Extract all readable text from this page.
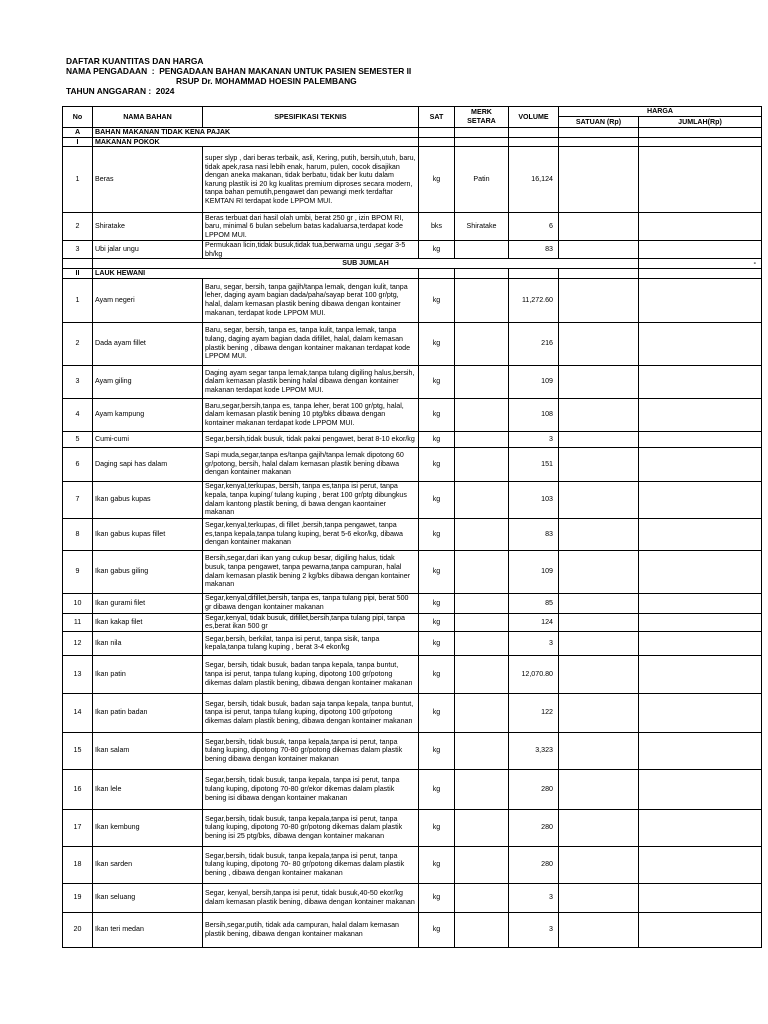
DAFTAR KUANTITAS DAN HARGA
NAMA PENGADAAN  :  PENGADAAN BAHAN MAKANAN UNTUK PASIEN SEMESTER II
RSUP Dr. MOHAMMAD HOESIN PALEMBANG
TAHUN ANGGARAN :  2024
No	NAMA BAHAN	SPESIFIKASI TEKNIS	SAT	MERK SETARA	VOLUME	HARGA	
						SATUAN (Rp)	JUMLAH(Rp)
A	BAHAN MAKANAN TIDAK KENA PAJAK						
I	MAKANAN POKOK						
1	Beras	super slyp , dari beras terbaik, asli, Kering, putih, bersih,utuh, baru, tidak apek,rasa nasi lebih enak, harum, pulen, cocok disajikan dengan aneka makanan, tidak berbatu, tidak ber kutu dalam karung plastik isi 20 kg kualitas premium diproses secara modern, tanpa bahan pemutih,pengawet dan pewangi merk terdaftar KEMTAN RI terdapat kode LPPOM MUI.	kg	Patin	16,124		
2	Shiratake	Beras terbuat dari hasil olah umbi, berat 250 gr , izin BPOM RI, baru, minimal 6 bulan sebelum batas kadaluarsa,terdapat kode LPPOM MUI.	bks	Shiratake	6		
3	Ubi jalar ungu	Permukaan licin,tidak busuk,tidak tua,berwarna ungu ,segar 3-5 bh/kg	kg		83		
	SUB JUMLAH						-
II	LAUK HEWANI						
1	Ayam negeri	Baru, segar, bersih, tanpa gajih/tanpa lemak, dengan kulit, tanpa leher, daging ayam bagian dada/paha/sayap berat 100 gr/ptg, halal, dalam kemasan plastik bening dibawa dengan kontainer makanan, terdapat kode LPPOM MUI.	kg		11,272.60		
2	Dada ayam fillet	Baru, segar, bersih, tanpa es, tanpa kulit, tanpa lemak, tanpa tulang, daging ayam bagian dada difillet, halal, dalam kemasan plastik bening , dibawa dengan kontainer makanan terdapat kode LPPOM MUI.	kg		216		
3	Ayam giling	Daging ayam segar tanpa lemak,tanpa tulang digiling halus,bersih, dalam kemasan plastik bening halal dibawa dengan kontainer makanan terdapat kode LPPOM MUI.	kg		109		
4	Ayam kampung	Baru,segar,bersih,tanpa es, tanpa leher, berat 100 gr/ptg, halal, dalam kemasan plastik bening 10 ptg/bks dibawa dengan kontainer makanan terdapat kode LPPOM MUI.	kg		108		
5	Cumi-cumi	Segar,bersih,tidak busuk, tidak pakai pengawet, berat 8-10 ekor/kg	kg		3		
6	Daging sapi has dalam	Sapi muda,segar,tanpa es/tanpa gajih/tanpa lemak dipotong 60 gr/potong, bersih, halal dalam kemasan plastik bening dibawa dengan kontainer makanan	kg		151		
7	Ikan gabus kupas	Segar,kenyal,terkupas, bersih, tanpa es,tanpa isi perut, tanpa kepala, tanpa kuping/ tulang kuping , berat 100 gr/ptg dibungkus dalam kantong plastik bening, di bawa dengan kaontainer makanan	kg		103		
8	Ikan gabus kupas fillet	Segar,kenyal,terkupas, di fillet ,bersih,tanpa pengawet, tanpa es,tanpa kepala,tanpa tulang kuping, berat 5-6 ekor/kg, dibawa dengan kontainer makanan	kg		83		
9	Ikan gabus giling	Bersih,segar,dari ikan yang cukup besar, digiling halus, tidak busuk, tanpa pengawet, tanpa pewarna,tanpa campuran, halal dalam kemasan plastik bening 2 kg/bks dibawa dengan kontainer makanan	kg		109		
10	Ikan gurami filet	Segar,kenyal,difillet,bersih, tanpa es, tanpa tulang pipi, berat 500 gr dibawa dengan kontainer makanan	kg		85		
11	Ikan kakap filet	Segar,kenyal, tidak busuk, difillet,bersih,tanpa tulang pipi, tanpa es,berat ikan 500 gr	kg		124		
12	Ikan nila	Segar,bersih, berkilat, tanpa isi perut, tanpa sisik, tanpa kepala,tanpa tulang kuping , berat 3-4 ekor/kg	kg		3		
13	Ikan patin	Segar, bersih, tidak busuk, badan tanpa kepala, tanpa buntut, tanpa isi perut, tanpa tulang kuping, dipotong 100 gr/potong dikemas dalam plastik bening, dibawa dengan kontainer makanan	kg		12,070.80		
14	Ikan patin badan	Segar, bersih, tidak busuk, badan saja tanpa kepala, tanpa buntut, tanpa isi perut, tanpa tulang kuping, dipotong 100 gr/potong dikemas dalam plastik bening, dibawa dengan kontainer makanan	kg		122		
15	Ikan salam	Segar,bersih, tidak busuk, tanpa kepala,tanpa isi perut, tanpa tulang kuping, dipotong 70-80 gr/potong dikemas dalam plastik bening dibawa dengan kontainer makanan	kg		3,323		
16	Ikan lele	Segar,bersih, tidak busuk, tanpa kepala, tanpa isi perut, tanpa tulang kuping, dipotong 70-80 gr/ekor dikemas dalam plastik bening isi dibawa dengan kontainer makanan	kg		280		
17	Ikan kembung	Segar,bersih, tidak busuk, tanpa kepala,tanpa isi perut, tanpa tulang kuping, dipotong 70-80 gr/potong dikemas dalam plastik bening isi 25 ptg/bks, dibawa dengan kontainer makanan	kg		280		
18	Ikan sarden	Segar,bersih, tidak busuk, tanpa kepala,tanpa isi perut, tanpa tulang kuping, dipotong 70- 80 gr/potong dikemas dalam plastik bening , dibawa dengan kontainer makanan	kg		280		
19	Ikan seluang	Segar, kenyal, bersih,tanpa isi perut, tidak busuk,40-50 ekor/kg dalam kemasan plastik bening, dibawa dengan kontainer makanan	kg		3		
20	Ikan teri medan	Bersih,segar,putih, tidak ada campuran, halal dalam kemasan plastik bening, dibawa dengan kontainer makanan	kg		3		
